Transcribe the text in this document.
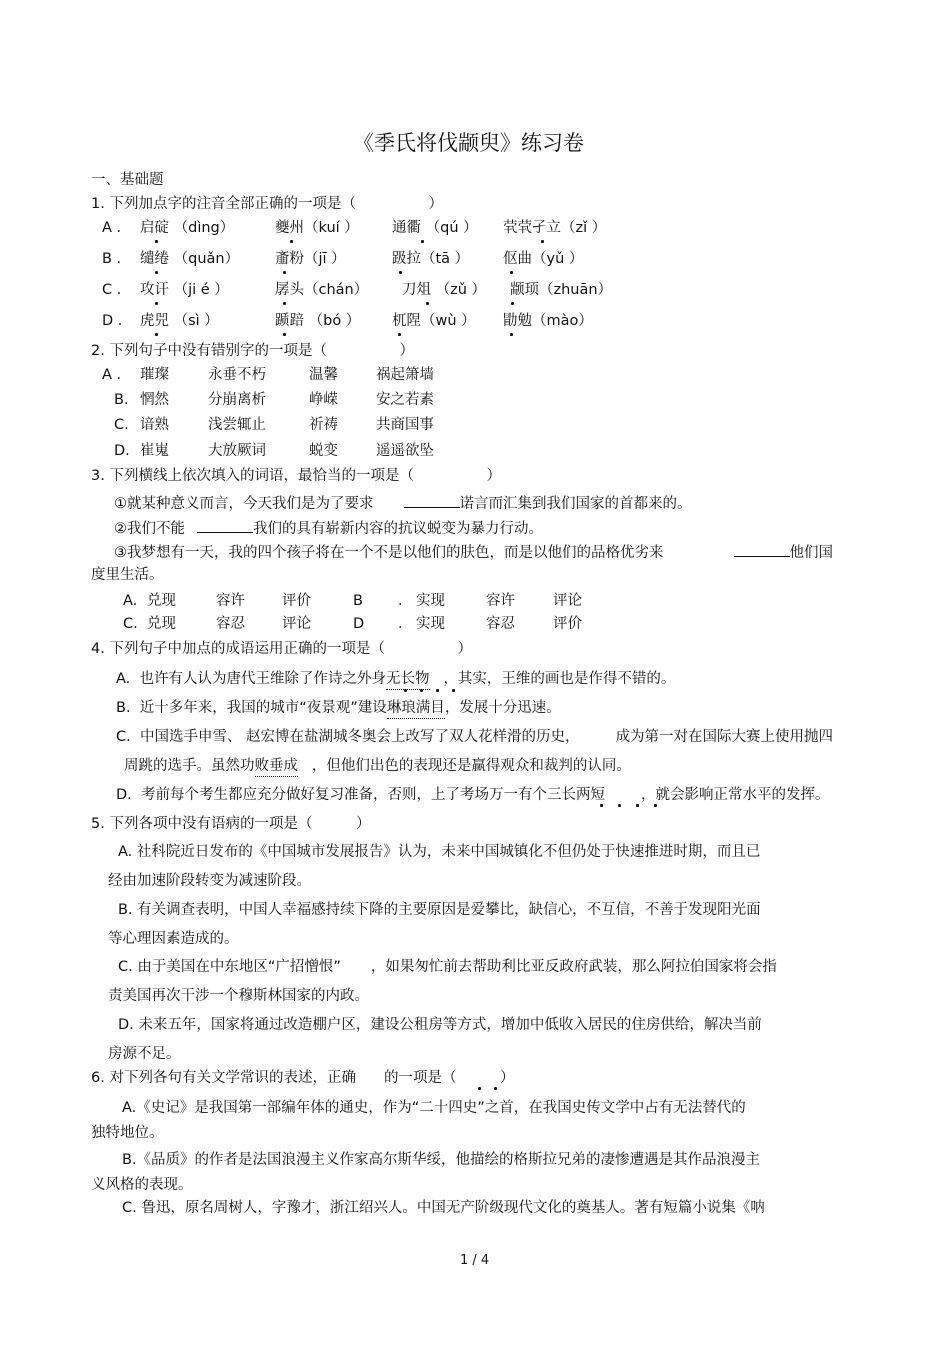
《季氏将伐颛臾》练习卷
一、基础题
1. 下列加点字的注音全部正确的一项是（　　　　　）
A ． 启碇 （dìng）	夔州（kuí ） 通衢 （qú ） 茕茕孑立（zǐ ）
B ． 缱绻 （quǎn） 齑粉（jī ）	趿拉（tā ） 伛曲（yǔ ）
C ． 攻讦 （ji é ）	孱头（chán） 刀俎 （zǔ ） 颛顼（zhuān）
D ． 虎兕 （sì ）	踬踣 （bó ） 杌陧（wù ） 勖勉（mào）
2. 下列句子中没有错别字的一项是（　　　　　）
A ． 璀璨	永垂不朽	温馨	祸起箫墙
B. 惘然	分崩离析	峥嵘	安之若素
C. 谙熟	浅尝辄止	祈祷	共商国事
D. 崔嵬	大放厥词	蜕变	遥遥欲坠
3. 下列横线上依次填入的词语，最恰当的一项是（　　　　　）
①就某种意义而言，今天我们是为了要求	诺言而汇集到我们国家的首都来的。
②我们不能	我们的具有崭新内容的抗议蜕变为暴力行动。
③我梦想有一天，我的四个孩子将在一个不是以他们的肤色，而是以他们的品格优劣来	他们国
度里生活。
A. 兑现	容许	评价	B ． 实现	容许	评论
C. 兑现	容忍	评论	D ． 实现	容忍	评价
4. 下列句子中加点的成语运用正确的一项是（　　　　　）
A. 也许有人认为唐代王维除了作诗之外身无长物 ，其实，王维的画也是作得不错的。
B. 近十多年来，我国的城市“夜景观”建设琳琅满目，发展十分迅速。
C. 中国选手申雪、 赵宏博在盐湖城冬奥会上改写了双人花样滑的历史， 成为第一对在国际大赛上使用抛四
周跳的选手。虽然功败垂成 ，但他们出色的表现还是赢得观众和裁判的认同。
D. 考前每个考生都应充分做好复习准备，否则，上了考场万一有个三长两短 ，就会影响正常水平的发挥。
5. 下列各项中没有语病的一项是（　　　）
A. 社科院近日发布的《中国城市发展报告》认为，未来中国城镇化不但仍处于快速推进时期，而且已
经由加速阶段转变为减速阶段。
B. 有关调查表明，中国人幸福感持续下降的主要原因是爱攀比，缺信心，不互信，不善于发现阳光面
等心理因素造成的。
C. 由于美国在中东地区“广招憎恨” ，如果匆忙前去帮助利比亚反政府武装，那么阿拉伯国家将会指
责美国再次干涉一个穆斯林国家的内政。
D. 未来五年，国家将通过改造棚户区，建设公租房等方式，增加中低收入居民的住房供给，解决当前
房源不足。
6. 对下列各句有关文学常识的表述，正确 的一项是（　　　）
A.《史记》是我国第一部编年体的通史，作为“二十四史”之首，在我国史传文学中占有无法替代的
独特地位。
B.《品质》的作者是法国浪漫主义作家高尔斯华绥，他描绘的格斯拉兄弟的凄惨遭遇是其作品浪漫主
义风格的表现。
C. 鲁迅，原名周树人，字豫才，浙江绍兴人。中国无产阶级现代文化的奠基人。著有短篇小说集《呐
1 / 4
